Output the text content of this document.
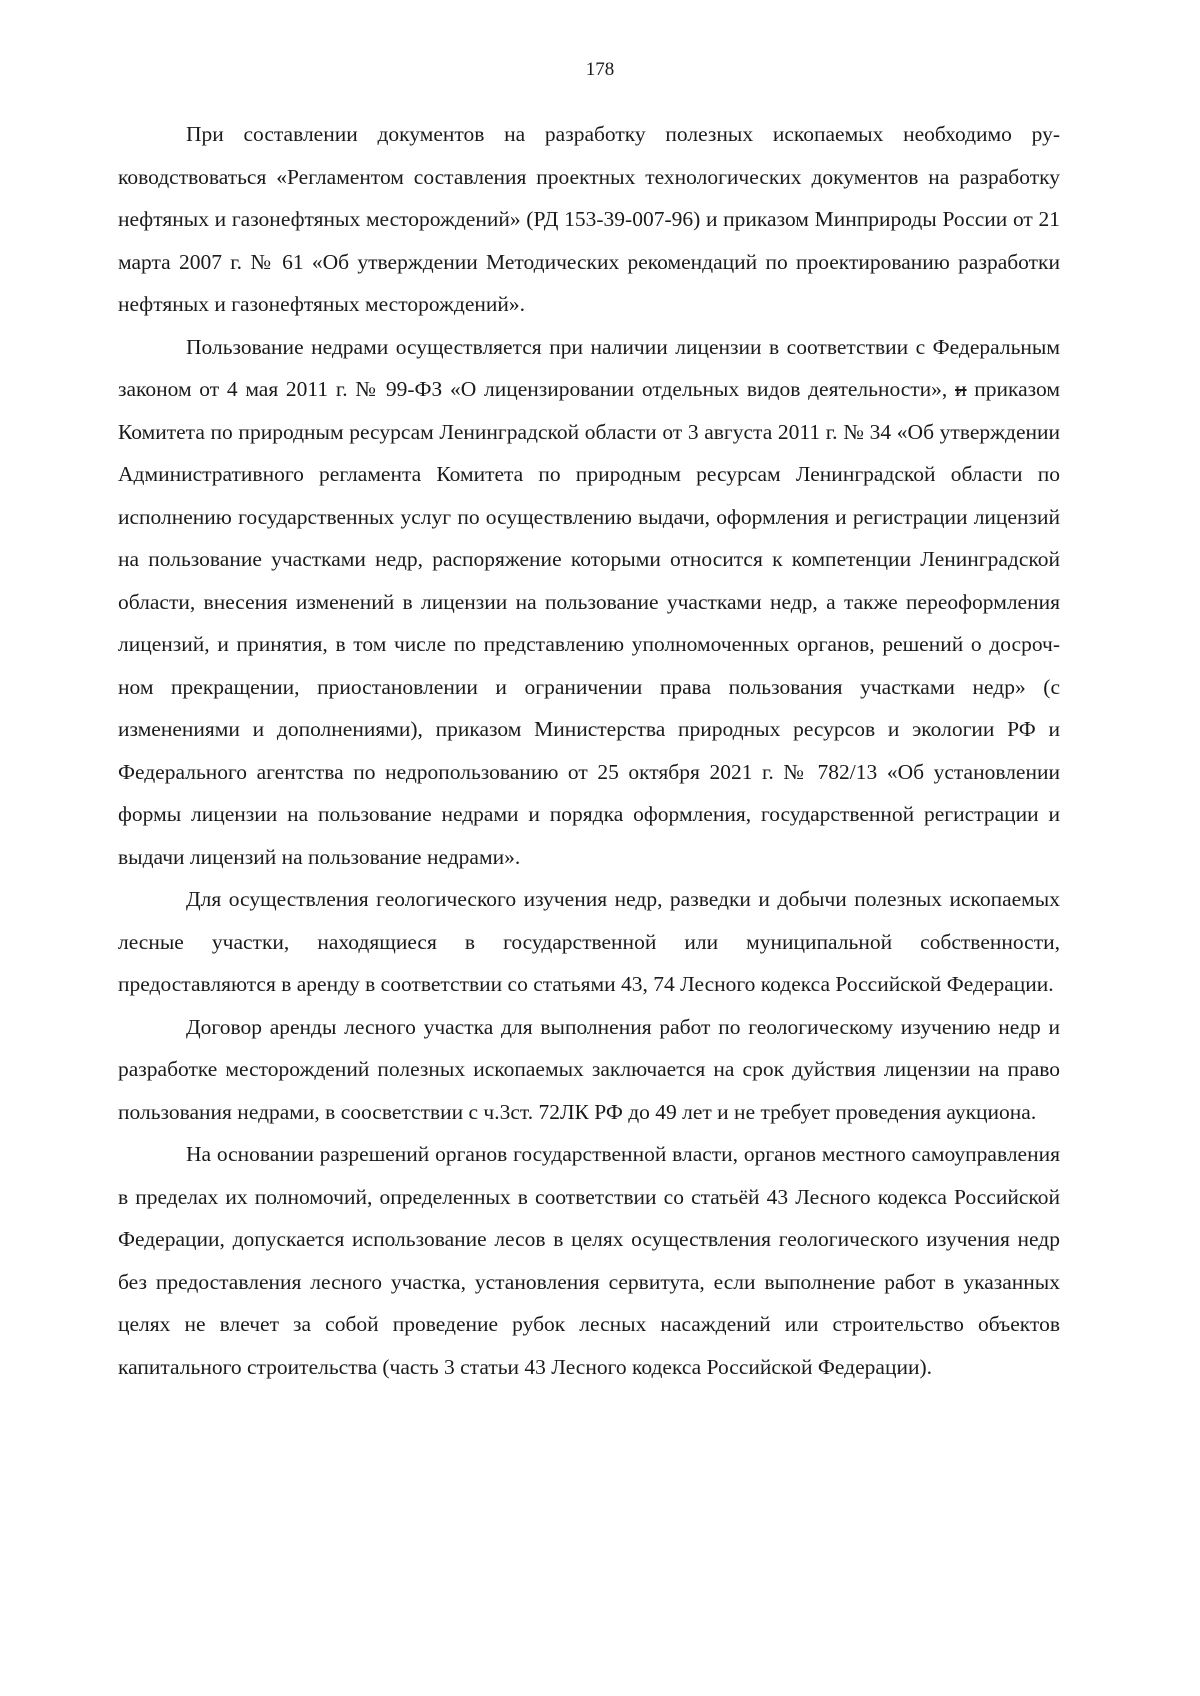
178

При составлении документов на разработку полезных ископаемых необходимо руководствоваться «Регламентом составления проектных технологических документов на разработку нефтяных и газонефтяных месторождений» (РД 153-39-007-96) и приказом Минприроды России от 21 марта 2007 г. № 61 «Об утверждении Методических рекомендаций по проектированию разработки нефтяных и газонефтяных месторождений».

Пользование недрами осуществляется при наличии лицензии в соответствии с Федеральным законом от 4 мая 2011 г. № 99-ФЗ «О лицензировании отдельных видов деятельности», и приказом Комитета по природным ресурсам Ленинградской области от 3 августа 2011 г. № 34 «Об утверждении Административного регламента Комитета по природным ресурсам Ленинградской области по исполнению государственных услуг по осуществлению выдачи, оформления и регистрации лицензий на пользование участками недр, распоряжение которыми относится к компетенции Ленинградской области, внесения изменений в лицензии на пользование участками недр, а также переоформления лицензий, и принятия, в том числе по представлению уполномоченных органов, решений о досрочном прекращении, приостановлении и ограничении права пользования участками недр» (с изменениями и дополнениями), приказом Министерства природных ресурсов и экологии РФ и Федерального агентства по недропользованию от 25 октября 2021 г. № 782/13 «Об установлении формы лицензии на пользование недрами и порядка оформления, государственной регистрации и выдачи лицензий на пользование недрами».

Для осуществления геологического изучения недр, разведки и добычи полезных ископаемых лесные участки, находящиеся в государственной или муниципальной собственности, предоставляются в аренду в соответствии со статьями 43, 74 Лесного кодекса Российской Федерации.

Договор аренды лесного участка для выполнения работ по геологическому изучению недр и разработке месторождений полезных ископаемых заключается на срок дуйствия лицензии на право пользования недрами, в соосветствии с ч.3ст. 72ЛК РФ до 49 лет и не требует проведения аукциона.

На основании разрешений органов государственной власти, органов местного самоуправления в пределах их полномочий, определенных в соответствии со статьёй 43 Лесного кодекса Российской Федерации, допускается использование лесов в целях осуществления геологического изучения недр без предоставления лесного участка, установления сервитута, если выполнение работ в указанных целях не влечет за собой проведение рубок лесных насаждений или строительство объектов капитального строительства (часть 3 статьи 43 Лесного кодекса Российской Федерации).
